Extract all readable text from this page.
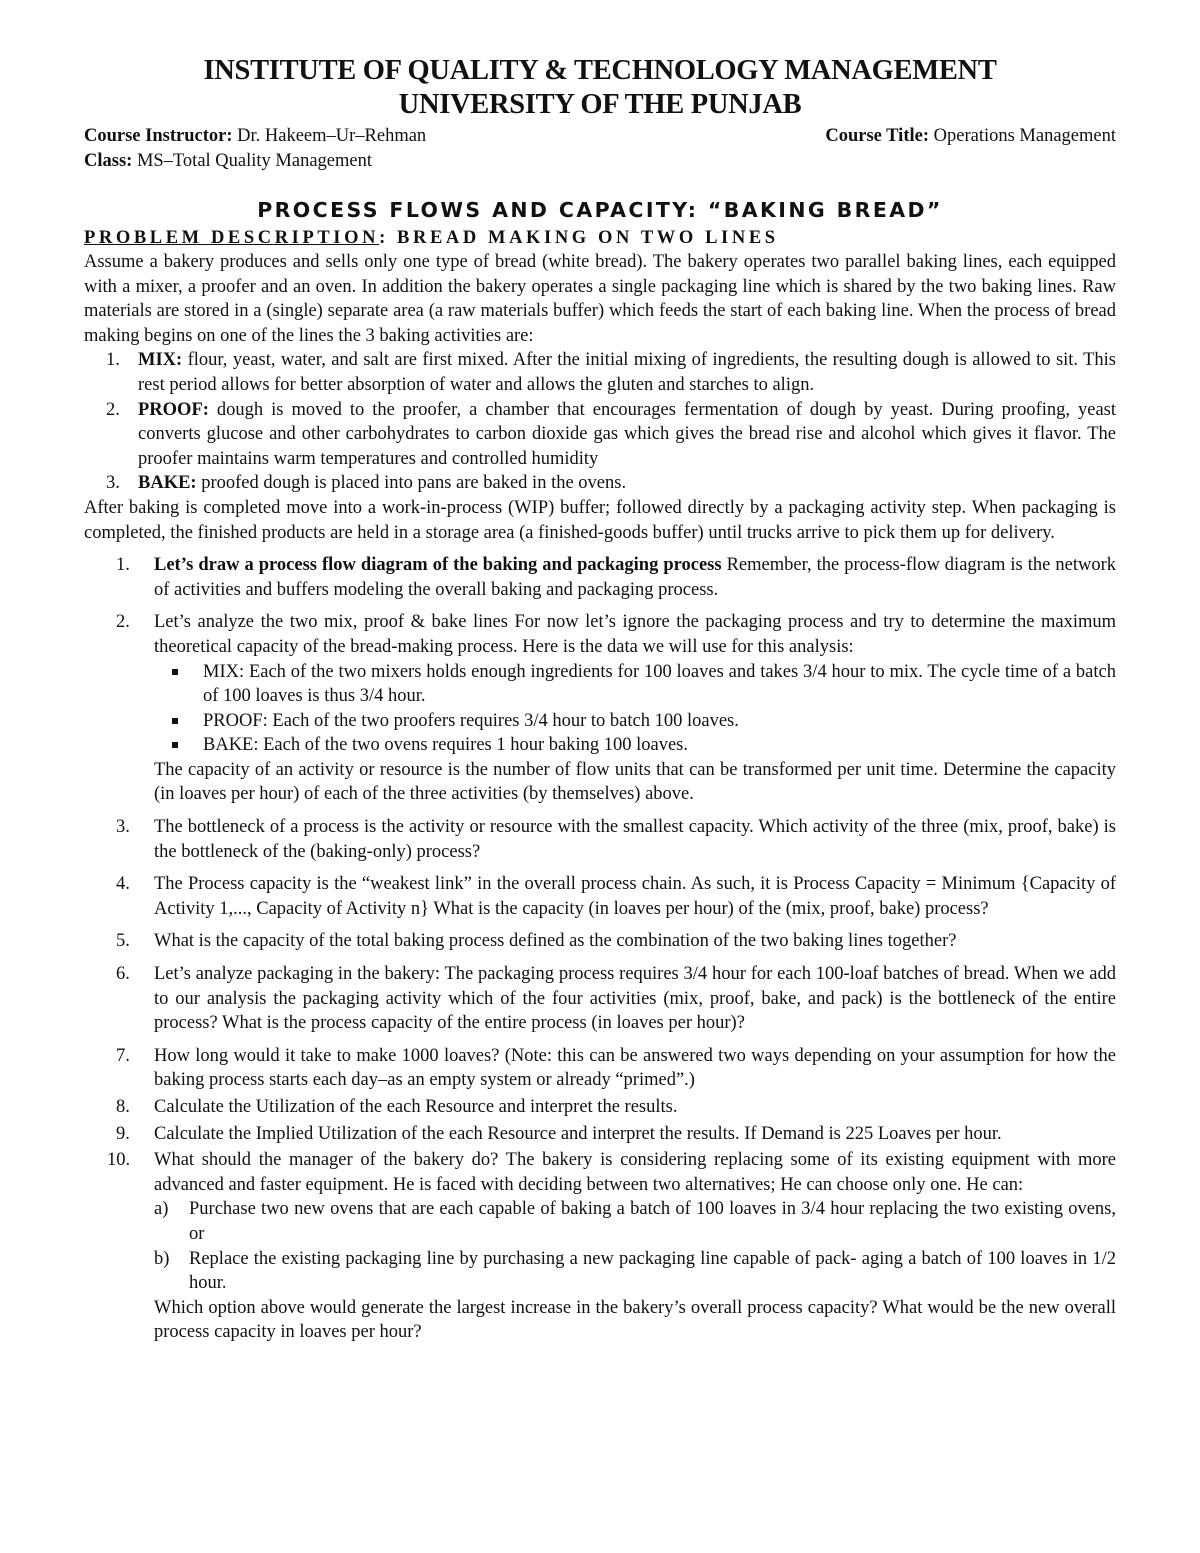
INSTITUTE OF QUALITY & TECHNOLOGY MANAGEMENT
UNIVERSITY OF THE PUNJAB
Course Instructor: Dr. Hakeem–Ur–Rehman	Course Title: Operations Management
Class: MS–Total Quality Management
PROCESS FLOWS AND CAPACITY: “BAKING BREAD”
PROBLEM DESCRIPTION: BREAD MAKING ON TWO LINES

Assume a bakery produces and sells only one type of bread (white bread). The bakery operates two parallel baking lines, each equipped with a mixer, a proofer and an oven. In addition the bakery operates a single packaging line which is shared by the two baking lines. Raw materials are stored in a (single) separate area (a raw materials buffer) which feeds the start of each baking line. When the process of bread making begins on one of the lines the 3 baking activities are:

1. MIX: flour, yeast, water, and salt are first mixed. After the initial mixing of ingredients, the resulting dough is allowed to sit. This rest period allows for better absorption of water and allows the gluten and starches to align.
2. PROOF: dough is moved to the proofer, a chamber that encourages fermentation of dough by yeast. During proofing, yeast converts glucose and other carbohydrates to carbon dioxide gas which gives the bread rise and alcohol which gives it flavor. The proofer maintains warm temperatures and controlled humidity
3. BAKE: proofed dough is placed into pans are baked in the ovens.

After baking is completed move into a work-in-process (WIP) buffer; followed directly by a packaging activity step. When packaging is completed, the finished products are held in a storage area (a finished-goods buffer) until trucks arrive to pick them up for delivery.

1. Let’s draw a process flow diagram of the baking and packaging process Remember, the process-flow diagram is the network of activities and buffers modeling the overall baking and packaging process.
2. Let’s analyze the two mix, proof & bake lines For now let’s ignore the packaging process and try to determine the maximum theoretical capacity of the bread-making process. Here is the data we will use for this analysis:
MIX: Each of the two mixers holds enough ingredients for 100 loaves and takes 3/4 hour to mix. The cycle time of a batch of 100 loaves is thus 3/4 hour.
PROOF: Each of the two proofers requires 3/4 hour to batch 100 loaves.
BAKE: Each of the two ovens requires 1 hour baking 100 loaves.
The capacity of an activity or resource is the number of flow units that can be transformed per unit time. Determine the capacity (in loaves per hour) of each of the three activities (by themselves) above.
3. The bottleneck of a process is the activity or resource with the smallest capacity. Which activity of the three (mix, proof, bake) is the bottleneck of the (baking-only) process?
4. The Process capacity is the “weakest link” in the overall process chain. As such, it is Process Capacity = Minimum {Capacity of Activity 1,..., Capacity of Activity n} What is the capacity (in loaves per hour) of the (mix, proof, bake) process?
5. What is the capacity of the total baking process defined as the combination of the two baking lines together?
6. Let’s analyze packaging in the bakery: The packaging process requires 3/4 hour for each 100-loaf batches of bread. When we add to our analysis the packaging activity which of the four activities (mix, proof, bake, and pack) is the bottleneck of the entire process? What is the process capacity of the entire process (in loaves per hour)?
7. How long would it take to make 1000 loaves? (Note: this can be answered two ways depending on your assumption for how the baking process starts each day–as an empty system or already “primed”.)
8. Calculate the Utilization of the each Resource and interpret the results.
9. Calculate the Implied Utilization of the each Resource and interpret the results. If Demand is 225 Loaves per hour.
10. What should the manager of the bakery do? The bakery is considering replacing some of its existing equipment with more advanced and faster equipment. He is faced with deciding between two alternatives; He can choose only one. He can:
a) Purchase two new ovens that are each capable of baking a batch of 100 loaves in 3/4 hour replacing the two existing ovens, or
b) Replace the existing packaging line by purchasing a new packaging line capable of pack- aging a batch of 100 loaves in 1/2 hour.
Which option above would generate the largest increase in the bakery’s overall process capacity? What would be the new overall process capacity in loaves per hour?
